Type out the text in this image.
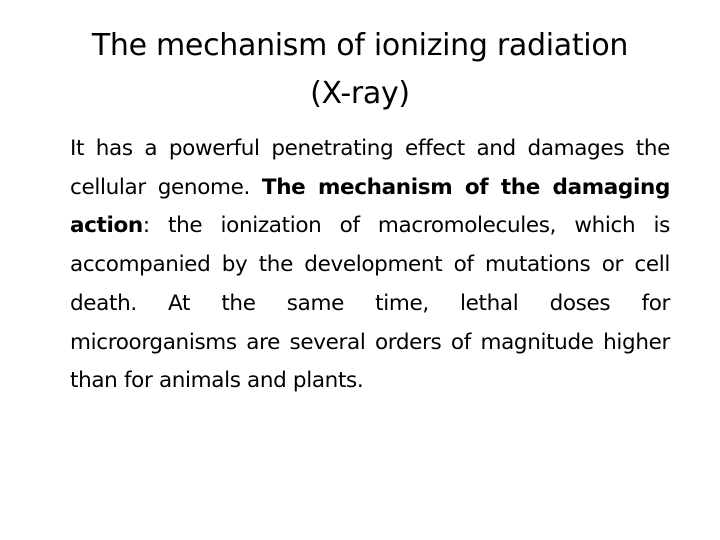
The mechanism of ionizing radiation
(X-ray)

It has a powerful penetrating effect and damages the cellular genome. The mechanism of the damaging action: the ionization of macromolecules, which is accompanied by the development of mutations or cell death. At the same time, lethal doses for microorganisms are several orders of magnitude higher than for animals and plants.
